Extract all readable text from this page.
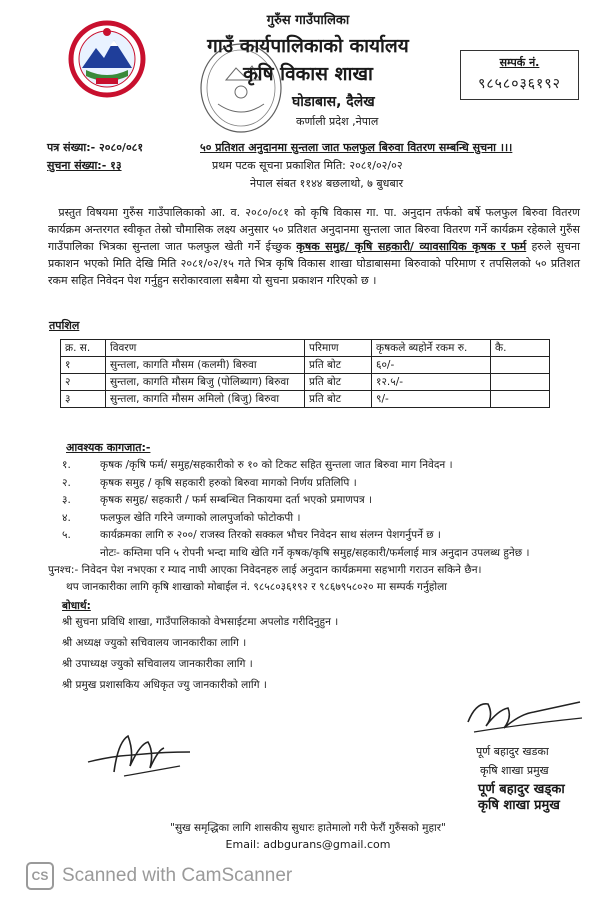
गुरुँस गाउँपालिका
गाउँ कार्यपालिकाको कार्यालय
कृषि विकास शाखा
घोडाबास, दैलेख
कर्णाली प्रदेश ,नेपाल
सम्पर्क नं.
९८५८०३६१९२
पत्र संख्या:- २०८०/०८१	५० प्रतिशत अनुदानमा सुन्तला जात फलफुल बिरुवा वितरण सम्बन्धि सुचना ।।।
सुचना संख्या:- १३	प्रथम पटक सूचना प्रकाशित मिति: २०८१/०२/०२
नेपाल संबत ११४४ बछलाथो, ७ बुधबार
प्रस्तुत विषयमा गुरुँस गाउँपालिकाको आ. व. २०८०/०८१ को कृषि विकास गा. पा. अनुदान तर्फको बर्षे फलफुल बिरुवा वितरण कार्यक्रम अन्तरगत स्वीकृत तेस्रो चौमासिक लक्ष्य अनुसार ५० प्रतिशत अनुदानमा सुन्तला जात बिरुवा वितरण गर्ने कार्यक्रम रहेकाले गुरुँस गाउँपालिका भित्रका सुन्तला जात फलफुल खेती गर्ने ईच्छुक कृषक समुह/ कृषि सहकारी/ व्यावसायिक कृषक र फर्म हरुले सुचना प्रकाशन भएको मिति देखि मिति २०८१/०२/१५ गते भित्र कृषि विकास शाखा घोडाबासमा बिरुवाको परिमाण र तपसिलको ५० प्रतिशत रकम सहित निवेदन पेश गर्नुहुन सरोकारवाला सबैमा यो सुचना प्रकाशन गरिएको छ ।
तपशिल
क्र. स.	विवरण	परिमाण	कृषकले ब्यहोर्ने रकम रु.	कै.
१	सुन्तला, कागति मौसम (कलमी) बिरुवा	प्रति बोट	६०/-	
२	सुन्तला, कागति मौसम बिजु (पोलिब्याग) बिरुवा	प्रति बोट	१२.५/-	
३	सुन्तला, कागति मौसम अमिलो (बिजु) बिरुवा	प्रति बोट	९/-	
आवश्यक कागजात:-
१.	कृषक /कृषि फर्म/ समुह/सहकारीको रु १० को टिकट सहित सुन्तला जात बिरुवा माग निवेदन ।
२.	कृषक समुह / कृषि सहकारी हरुको बिरुवा मागको निर्णय प्रतिलिपि ।
३.	कृषक समुह/ सहकारी / फर्म सम्बन्धित निकायमा दर्ता भएको प्रमाणपत्र ।
४.	फलफुल खेति गरिने जग्गाको लालपुर्जाको फोटोकपी ।
५.	कार्यक्रमका लागि रु २००/ राजस्व तिरको सक्कल भौचर निवेदन साथ संलग्न पेशगर्नुपर्ने छ ।
नोटः- कम्तिमा पनि ५ रोपनी भन्दा माथि खेति गर्ने कृषक/कृषि समुह/सहकारी/फर्मलाई मात्र अनुदान उपलब्ध हुनेछ ।
पुनश्च:- निवेदन पेश नभएका र म्याद नाघी आएका निवेदनहरु लाई अनुदान कार्यक्रममा सहभागी गराउन सकिने छैन।
थप जानकारीका लागि कृषि शाखाको मोबाईल नं. ९८५८०३६१९२ र ९८६७९५८०२० मा सम्पर्क गर्नुहोला
बोधार्थ:
श्री सुचना प्रविधि शाखा, गाउँपालिकाको वेभसाईटमा अपलोड गरीदिनुहुन ।
श्री अध्यक्ष ज्युको सचिवालय जानकारीका लागि ।
श्री उपाध्यक्ष ज्युको सचिवालय जानकारीका लागि ।
श्री प्रमुख प्रशासकिय अधिकृत ज्यु जानकारीको लागि ।
पूर्ण बहादुर खडका
कृषि शाखा प्रमुख
पूर्ण बहादुर खड्का
कृषि शाखा प्रमुख
"सुख समृद्धिका लागि शासकीय सुधारः हातेमालो गरी फेरौं गुरुँसको मुहार"
Email: adbgurans@gmail.com
CS Scanned with CamScanner
